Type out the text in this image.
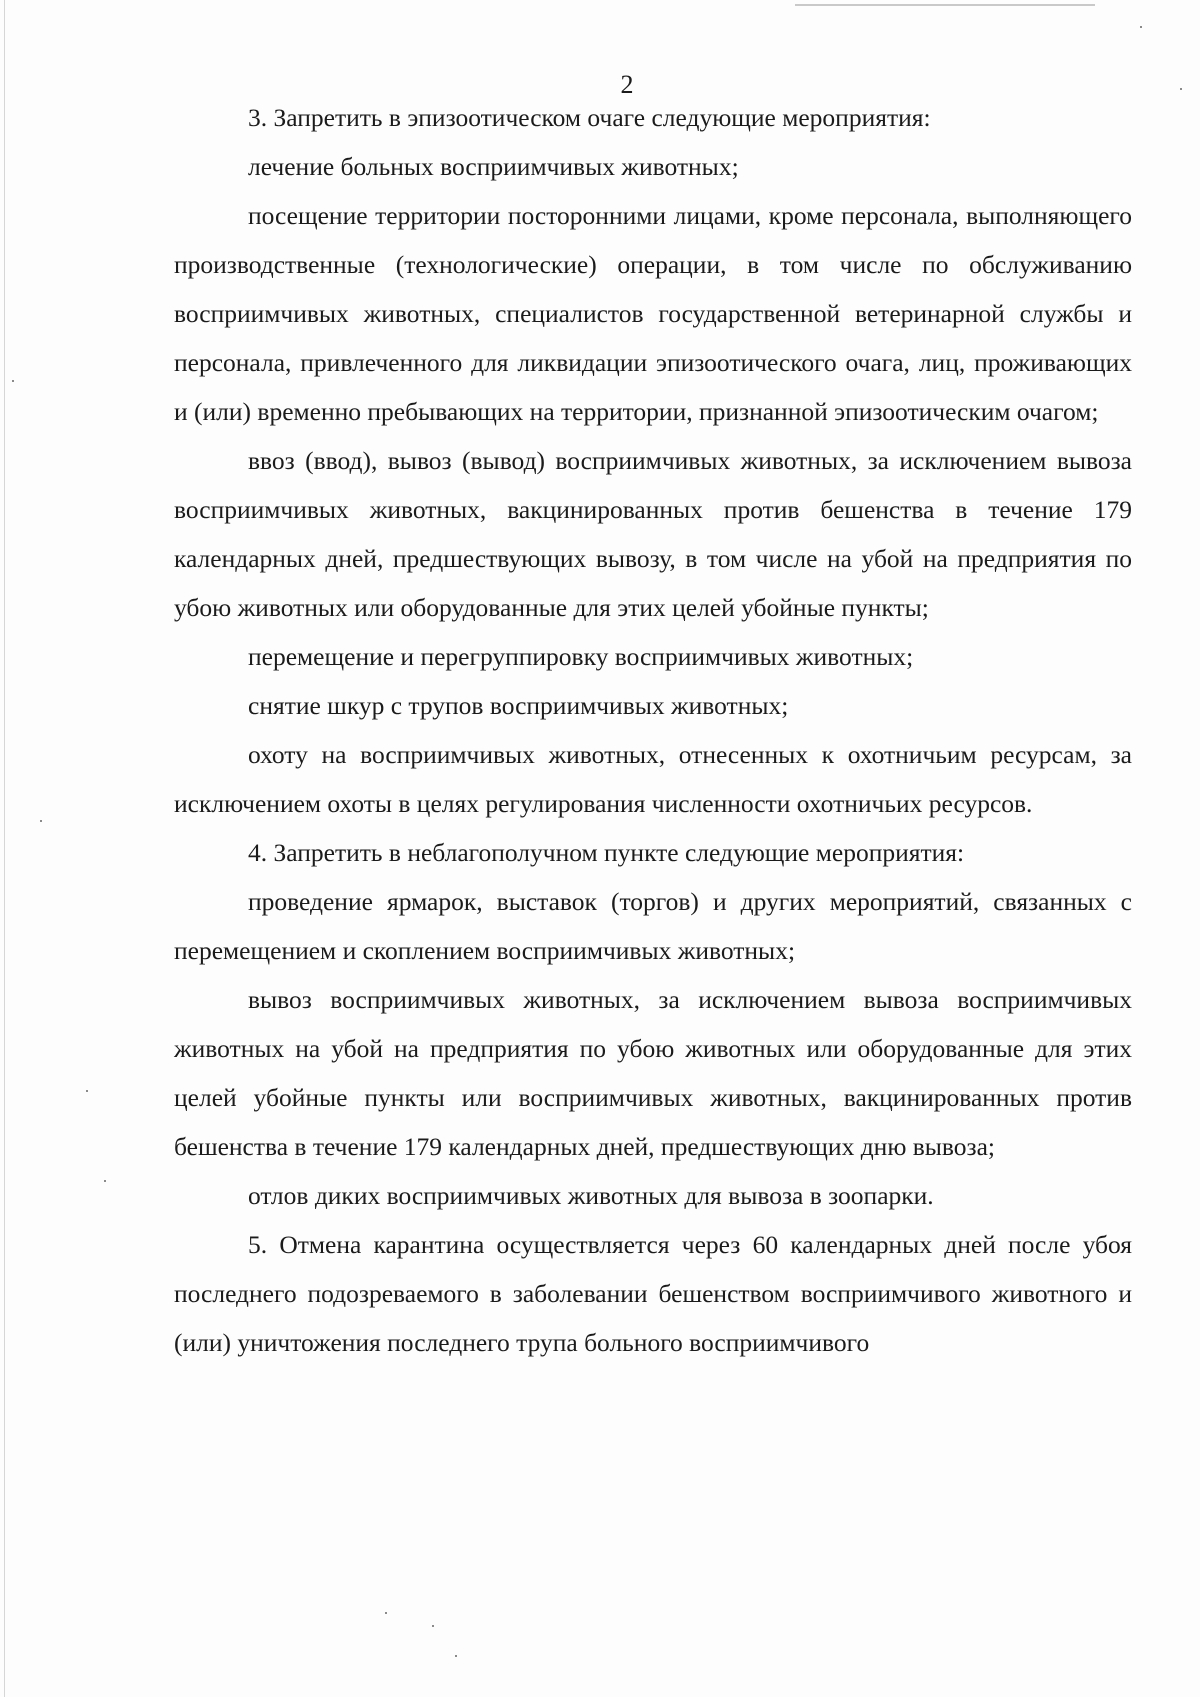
2

3. Запретить в эпизоотическом очаге следующие мероприятия:

лечение больных восприимчивых животных;

посещение территории посторонними лицами, кроме персонала, выполняющего производственные (технологические) операции, в том числе по обслуживанию восприимчивых животных, специалистов государственной ветеринарной службы и персонала, привлеченного для ликвидации эпизоотического очага, лиц, проживающих и (или) временно пребывающих на территории, признанной эпизоотическим очагом;

ввоз (ввод), вывоз (вывод) восприимчивых животных, за исключением вывоза восприимчивых животных, вакцинированных против бешенства в течение 179 календарных дней, предшествующих вывозу, в том числе на убой на предприятия по убою животных или оборудованные для этих целей убойные пункты;

перемещение и перегруппировку восприимчивых животных;

снятие шкур с трупов восприимчивых животных;

охоту на восприимчивых животных, отнесенных к охотничьим ресурсам, за исключением охоты в целях регулирования численности охотничьих ресурсов.

4. Запретить в неблагополучном пункте следующие мероприятия:

проведение ярмарок, выставок (торгов) и других мероприятий, связанных с перемещением и скоплением восприимчивых животных;

вывоз восприимчивых животных, за исключением вывоза восприимчивых животных на убой на предприятия по убою животных или оборудованные для этих целей убойные пункты или восприимчивых животных, вакцинированных против бешенства в течение 179 календарных дней, предшествующих дню вывоза;

отлов диких восприимчивых животных для вывоза в зоопарки.

5. Отмена карантина осуществляется через 60 календарных дней после убоя последнего подозреваемого в заболевании бешенством восприимчивого животного и (или) уничтожения последнего трупа больного восприимчивого
